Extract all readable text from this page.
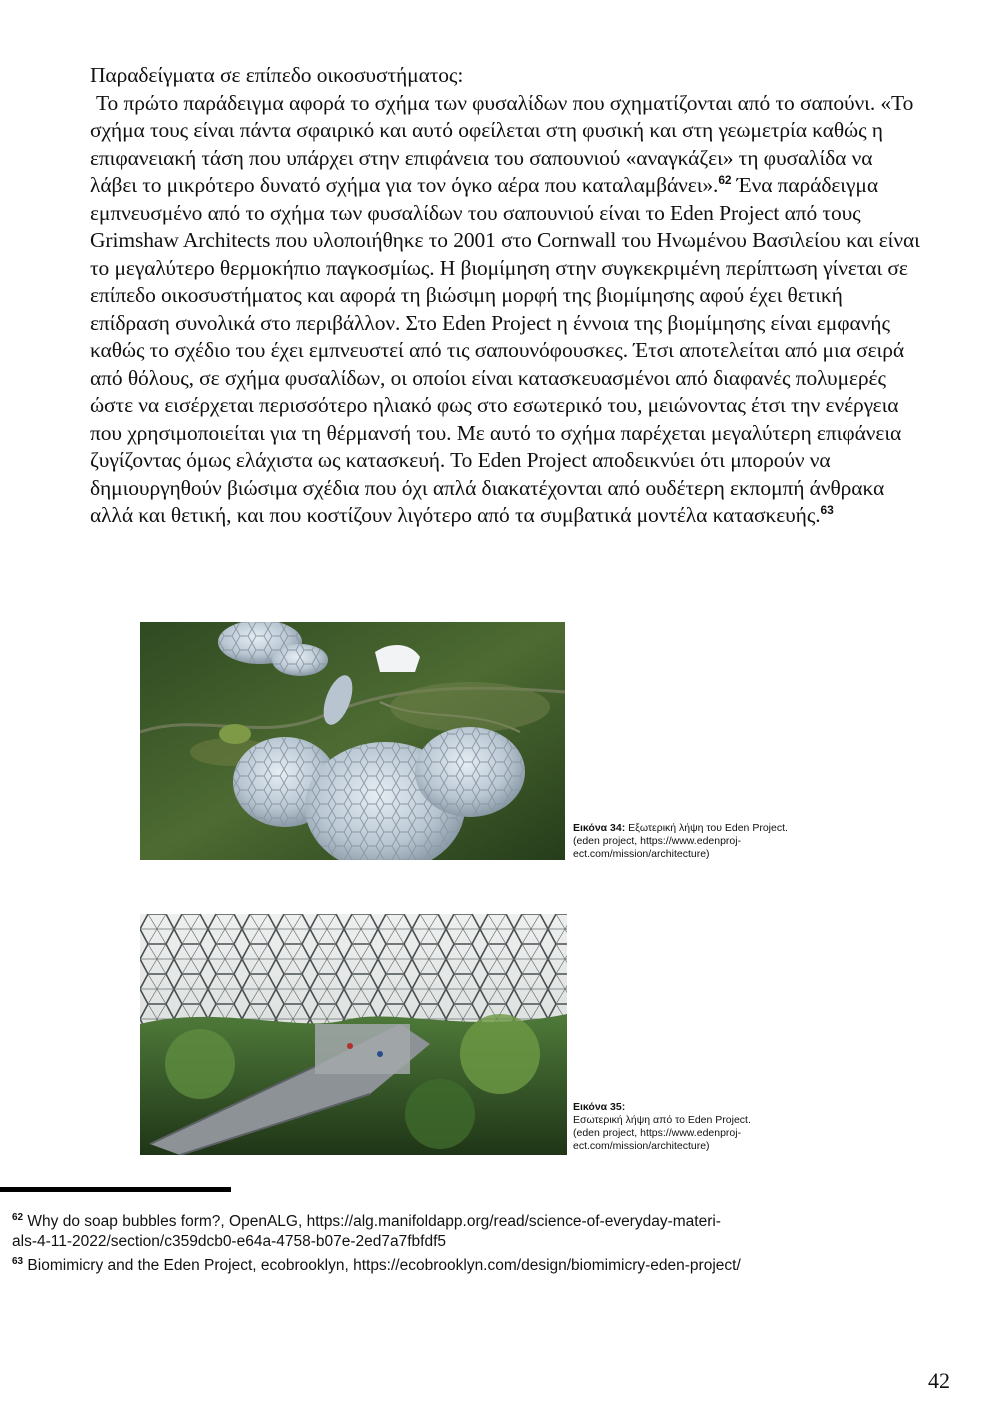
Παραδείγματα σε επίπεδο οικοσυστήματος:

Το πρώτο παράδειγμα αφορά το σχήμα των φυσαλίδων που σχηματίζονται από το σαπούνι. «Το σχήμα τους είναι πάντα σφαιρικό και αυτό οφείλεται στη φυσική και στη γεωμετρία καθώς η επιφανειακή τάση που υπάρχει στην επιφάνεια του σαπουνιού «αναγκάζει» τη φυσαλίδα να λάβει το μικρότερο δυνατό σχήμα για τον όγκο αέρα που καταλαμβάνει».$^{62}$ Ένα παράδειγμα εμπνευσμένο από το σχήμα των φυσαλίδων του σαπουνιού είναι το Eden Project από τους Grimshaw Architects που υλοποιήθηκε το 2001 στο Cornwall του Ηνωμένου Βασιλείου και είναι το μεγαλύτερο θερμοκήπιο παγκοσμίως. Η βιομίμηση στην συγκεκριμένη περίπτωση γίνεται σε επίπεδο οικοσυστήματος και αφορά τη βιώσιμη μορφή της βιομίμησης αφού έχει θετική επίδραση συνολικά στο περιβάλλον. Στο Eden Project η έννοια της βιομίμησης είναι εμφανής καθώς το σχέδιο του έχει εμπνευστεί από τις σαπουνόφουσκες. Έτσι αποτελείται από μια σειρά από θόλους, σε σχήμα φυσαλίδων, οι οποίοι είναι κατασκευασμένοι από διαφανές πολυμερές ώστε να εισέρχεται περισσότερο ηλιακό φως στο εσωτερικό του, μειώνοντας έτσι την ενέργεια που χρησιμοποιείται για τη θέρμανσή του. Με αυτό το σχήμα παρέχεται μεγαλύτερη επιφάνεια ζυγίζοντας όμως ελάχιστα ως κατασκευή. Το Eden Project αποδεικνύει ότι μπορούν να δημιουργηθούν βιώσιμα σχέδια που όχι απλά διακατέχονται από ουδέτερη εκπομπή άνθρακα αλλά και θετική, και που κοστίζουν λιγότερο από τα συμβατικά μοντέλα κατασκευής.$^{63}$

Εικόνα 34: Εξωτερική λήψη του Eden Project.
(eden project, https://www.edenproj-
ect.com/mission/architecture)
Εικόνα 35:
Εσωτερική λήψη από το Eden Project.
(eden project, https://www.edenproj-
ect.com/mission/architecture)

$^{62}$ Why do soap bubbles form?, OpenALG, https://alg.manifoldapp.org/read/science-of-everyday-materi-
als-4-11-2022/section/c359dcb0-e64a-4758-b07e-2ed7a7fbfdf5

$^{63}$ Biomimicry and the Eden Project, ecobrooklyn, https://ecobrooklyn.com/design/biomimicry-eden-project/

42
